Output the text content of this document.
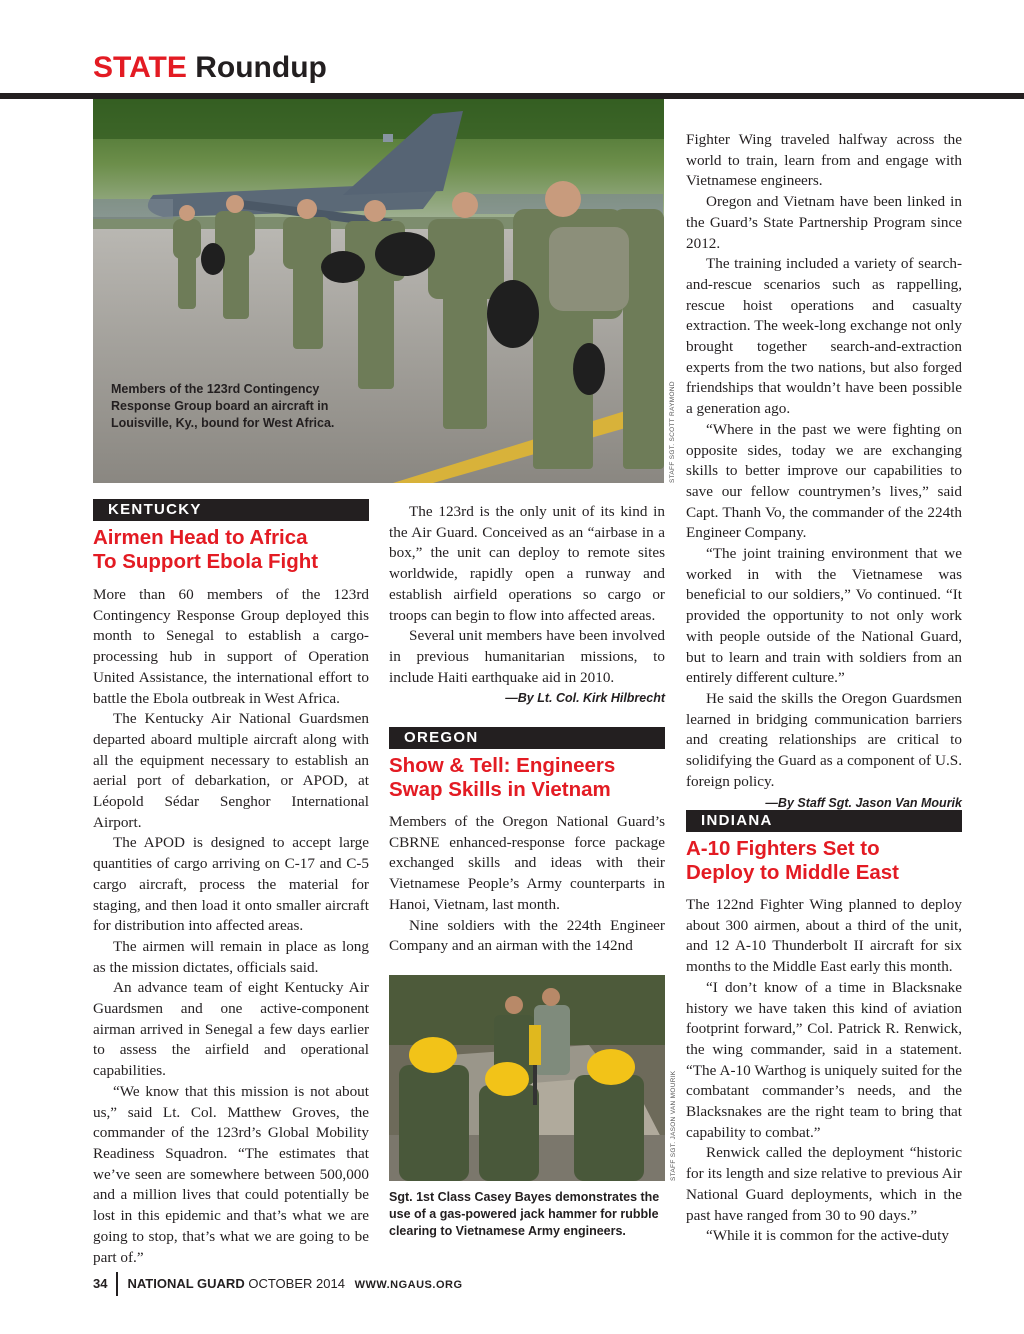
STATE Roundup
Members of the 123rd Contingency Response Group board an aircraft in Louisville, Ky., bound for West Africa.	STAFF SGT. SCOTT RAYMOND
KENTUCKY
Airmen Head to Africa
To Support Ebola Fight

More than 60 members of the 123rd Contingency Response Group deployed this month to Senegal to establish a cargo-processing hub in support of Operation United Assistance, the international effort to battle the Ebola outbreak in West Africa.

The Kentucky Air National Guardsmen departed aboard multiple aircraft along with all the equipment necessary to establish an aerial port of debarkation, or APOD, at Léopold Sédar Senghor International Airport.

The APOD is designed to accept large quantities of cargo arriving on C-17 and C-5 cargo aircraft, process the material for staging, and then load it onto smaller aircraft for distribution into affected areas.

The airmen will remain in place as long as the mission dictates, officials said.

An advance team of eight Kentucky Air Guardsmen and one active-component airman arrived in Senegal a few days earlier to assess the airfield and operational capabilities.

“We know that this mission is not about us,” said Lt. Col. Matthew Groves, the commander of the 123rd’s Global Mobility Readiness Squadron. “The estimates that we’ve seen are somewhere between 500,000 and a million lives that could potentially be lost in this epidemic and that’s what we are going to stop, that’s what we are going to be part of.”

The 123rd is the only unit of its kind in the Air Guard. Conceived as an “airbase in a box,” the unit can deploy to remote sites worldwide, rapidly open a runway and establish airfield operations so cargo or troops can begin to flow into affected areas.

Several unit members have been involved in previous humanitarian missions, to include Haiti earthquake aid in 2010.

—By Lt. Col. Kirk Hilbrecht

OREGON
Show & Tell: Engineers
Swap Skills in Vietnam

Members of the Oregon National Guard’s CBRNE enhanced-response force package exchanged skills and ideas with their Vietnamese People’s Army counterparts in Hanoi, Vietnam, last month.

Nine soldiers with the 224th Engineer Company and an airman with the 142nd

STAFF SGT. JASON VAN MOURIK
Sgt. 1st Class Casey Bayes demonstrates the use of a gas-powered jack hammer for rubble clearing to Vietnamese Army engineers.

Fighter Wing traveled halfway across the world to train, learn from and engage with Vietnamese engineers.

Oregon and Vietnam have been linked in the Guard’s State Partnership Program since 2012.

The training included a variety of search-and-rescue scenarios such as rappelling, rescue hoist operations and casualty extraction. The week-long exchange not only brought together search-and-extraction experts from the two nations, but also forged friendships that wouldn’t have been possible a generation ago.

“Where in the past we were fighting on opposite sides, today we are exchanging skills to better improve our capabilities to save our fellow countrymen’s lives,” said Capt. Thanh Vo, the commander of the 224th Engineer Company.

“The joint training environment that we worked in with the Vietnamese was beneficial to our soldiers,” Vo continued. “It provided the opportunity to not only work with people outside of the National Guard, but to learn and train with soldiers from an entirely different culture.”

He said the skills the Oregon Guardsmen learned in bridging communication barriers and creating relationships are critical to solidifying the Guard as a component of U.S. foreign policy.

—By Staff Sgt. Jason Van Mourik

INDIANA
A-10 Fighters Set to
Deploy to Middle East

The 122nd Fighter Wing planned to deploy about 300 airmen, about a third of the unit, and 12 A-10 Thunderbolt II aircraft for six months to the Middle East early this month.

“I don’t know of a time in Blacksnake history we have taken this kind of aviation footprint forward,” Col. Patrick R. Renwick, the wing commander, said in a statement. “The A-10 Warthog is uniquely suited for the combatant commander’s needs, and the Blacksnakes are the right team to bring that capability to combat.”

Renwick called the deployment “historic for its length and size relative to previous Air National Guard deployments, which in the past have ranged from 30 to 90 days.”

“While it is common for the active-duty

34 NATIONAL GUARD OCTOBER 2014 WWW.NGAUS.ORG
